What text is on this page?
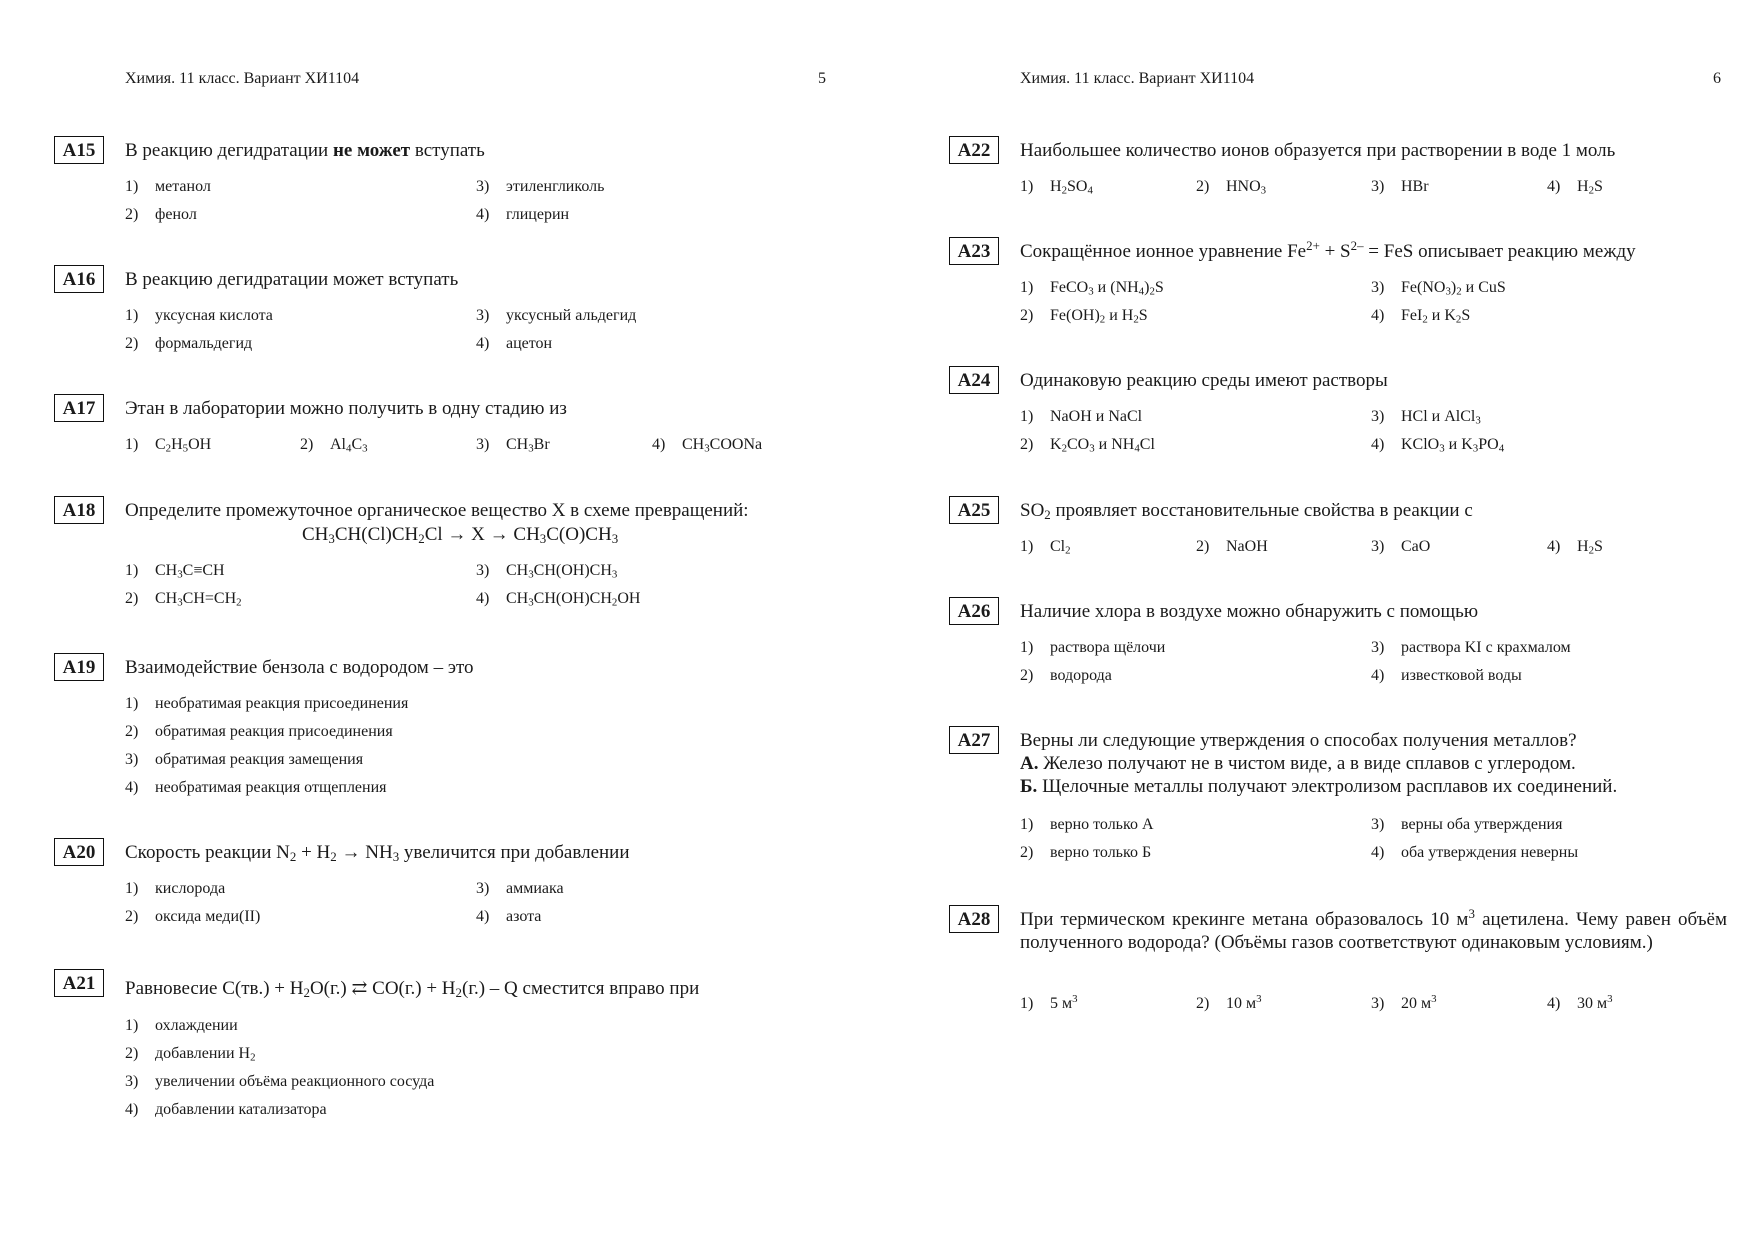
Химия. 11 класс. Вариант ХИ1104	5
A15	В реакцию дегидратации не может вступать
1) метанол	3) этиленгликоль
2) фенол	4) глицерин
A16	В реакцию дегидратации может вступать
1) уксусная кислота	3) уксусный альдегид
2) формальдегид	4) ацетон
A17	Этан в лаборатории можно получить в одну стадию из
1) $C_2H_5OH$	2) $Al_4C_3$	3) $CH_3Br$	4) $CH_3COONa$
A18	Определите промежуточное органическое вещество X в схеме превращений:
$CH_3CH(Cl)CH_2Cl \to X \to CH_3C(O)CH_3$
1) $CH_3C\equiv CH$	3) $CH_3CH(OH)CH_3$
2) $CH_3CH=CH_2$	4) $CH_3CH(OH)CH_2OH$
A19	Взаимодействие бензола с водородом – это
1) необратимая реакция присоединения
2) обратимая реакция присоединения
3) обратимая реакция замещения
4) необратимая реакция отщепления
A20	Скорость реакции $N_2 + H_2 \to NH_3$ увеличится при добавлении
1) кислорода	3) аммиака
2) оксида меди(II)	4) азота
A21	Равновесие $C(тв.) + H_2O(г.)$ ⇄ $CO(г.) + H_2(г.) - Q$ сместится вправо при
1) охлаждении
2) добавлении $H_2$
3) увеличении объёма реакционного сосуда
4) добавлении катализатора
Химия. 11 класс. Вариант ХИ1104	6
A22	Наибольшее количество ионов образуется при растворении в воде 1 моль
1) $H_2SO_4$	2) $HNO_3$	3) HBr	4) $H_2S$
A23	Сокращённое ионное уравнение $Fe^{2+} + S^{2-}$ = FeS описывает реакцию между
1) FeCO$_3$ и $(NH_4)_2S$	3) $Fe(NO_3)_2$ и CuS
2) $Fe(OH)_2$ и $H_2S$	4) FeI$_2$ и $K_2S$
A24	Одинаковую реакцию среды имеют растворы
1) NaOH и NaCl	3) HCl и AlCl$_3$
2) $K_2CO_3$ и $NH_4Cl$	4) KClO$_3$ и $K_3PO_4$
A25	$SO_2$ проявляет восстановительные свойства в реакции с
1) $Cl_2$	2) NaOH	3) CaO	4) $H_2S$
A26	Наличие хлора в воздухе можно обнаружить с помощью
1) раствора щёлочи	3) раствора KI с крахмалом
2) водорода	4) известковой воды
A27	Верны ли следующие утверждения о способах получения металлов?
А. Железо получают не в чистом виде, а в виде сплавов с углеродом.
Б. Щелочные металлы получают электролизом расплавов их соединений.
1) верно только А	3) верны оба утверждения
2) верно только Б	4) оба утверждения неверны
A28	При термическом крекинге метана образовалось 10 $м^3$ ацетилена. Чему равен объём полученного водорода? (Объёмы газов соответствуют одинаковым условиям.)
1) 5 $м^3$	2) 10 $м^3$	3) 20 $м^3$	4) 30 $м^3$
